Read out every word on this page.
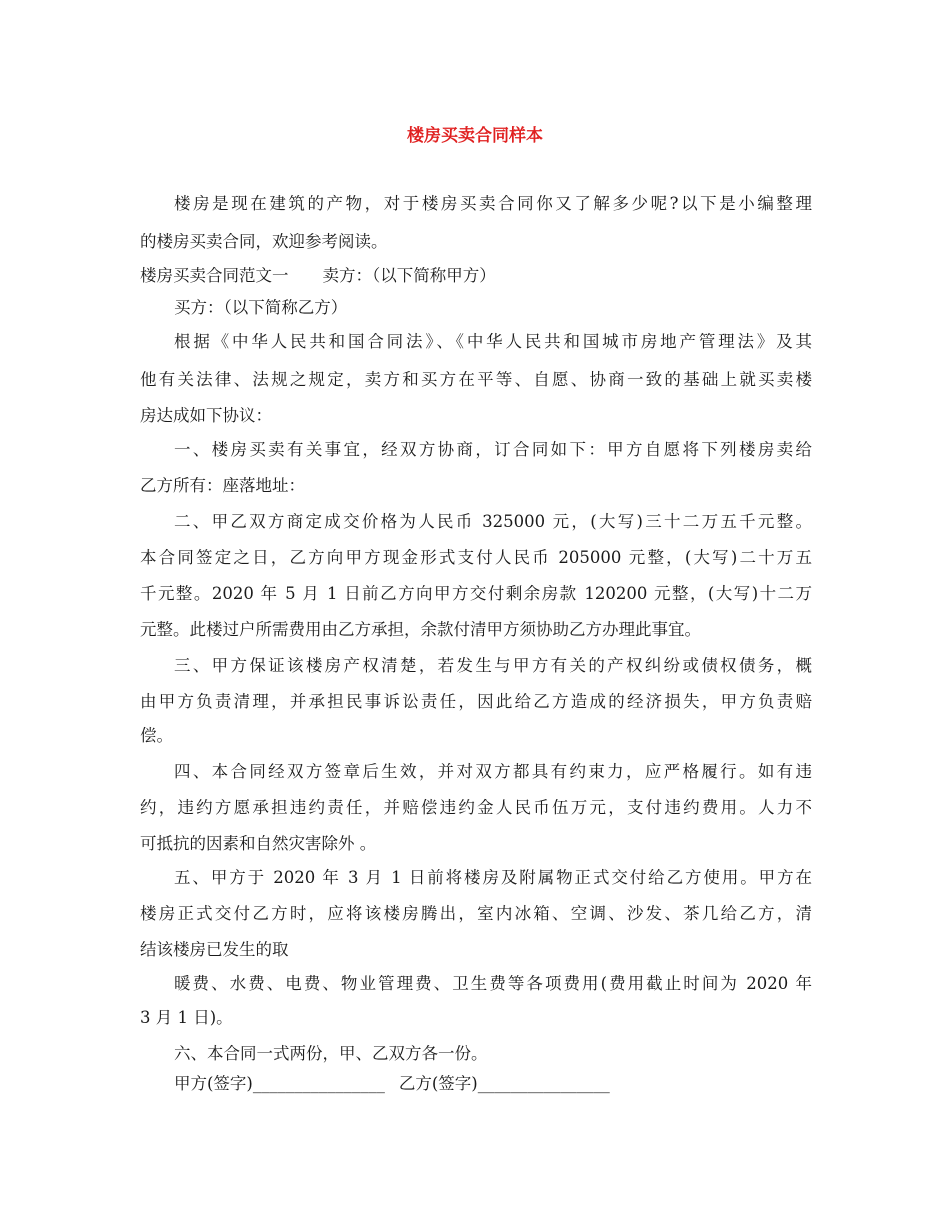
楼房买卖合同样本
楼房是现在建筑的产物，对于楼房买卖合同你又了解多少呢?以下是小编整理
的楼房买卖合同，欢迎参考阅读。
楼房买卖合同范文一 卖方：（以下简称甲方）
买方：（以下简称乙方）
根据《中华人民共和国合同法》、《中华人民共和国城市房地产管理法》及其
他有关法律、法规之规定，卖方和买方在平等、自愿、协商一致的基础上就买卖楼
房达成如下协议：
一、楼房买卖有关事宜，经双方协商，订合同如下：甲方自愿将下列楼房卖给
乙方所有：座落地址：
二、甲乙双方商定成交价格为人民币 325000 元，(大写)三十二万五千元整。
本合同签定之日，乙方向甲方现金形式支付人民币 205000 元整，(大写)二十万五
千元整。2020 年 5 月 1 日前乙方向甲方交付剩余房款 120200 元整，(大写)十二万
元整。此楼过户所需费用由乙方承担，余款付清甲方须协助乙方办理此事宜。
三、甲方保证该楼房产权清楚，若发生与甲方有关的产权纠纷或债权债务，概
由甲方负责清理，并承担民事诉讼责任，因此给乙方造成的经济损失，甲方负责赔
偿。
四、本合同经双方签章后生效，并对双方都具有约束力，应严格履行。如有违
约，违约方愿承担违约责任，并赔偿违约金人民币伍万元，支付违约费用。人力不
可抵抗的因素和自然灾害除外 。
五、甲方于 2020 年 3 月 1 日前将楼房及附属物正式交付给乙方使用。甲方在
楼房正式交付乙方时，应将该楼房腾出，室内冰箱、空调、沙发、茶几给乙方，清
结该楼房已发生的取
暖费、水费、电费、物业管理费、卫生费等各项费用(费用截止时间为 2020 年
3 月 1 日)。
六、本合同一式两份，甲、乙双方各一份。
甲方(签字)________________ 乙方(签字)________________
